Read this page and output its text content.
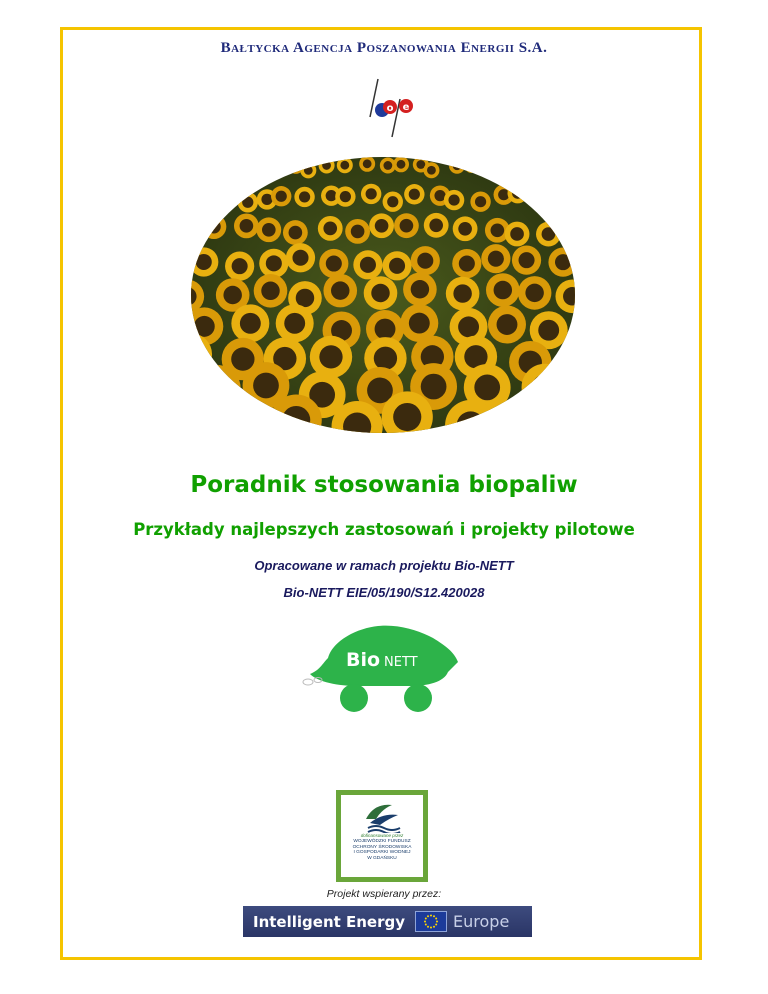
Bałtycka Agencja Poszanowania Energii S.A.
o e
Poradnik stosowania biopaliw
Przykłady najlepszych zastosowań i projekty pilotowe
Opracowane w ramach projektu Bio-NETT
Bio-NETT EIE/05/190/S12.420028
Bio NETT
dofinansowane przez
WOJEWÓDZKI FUNDUSZ
OCHRONY ŚRODOWISKA
I GOSPODARKI WODNEJ
W GDAŃSKU
Projekt wspierany przez:
Intelligent Energy	Europe
